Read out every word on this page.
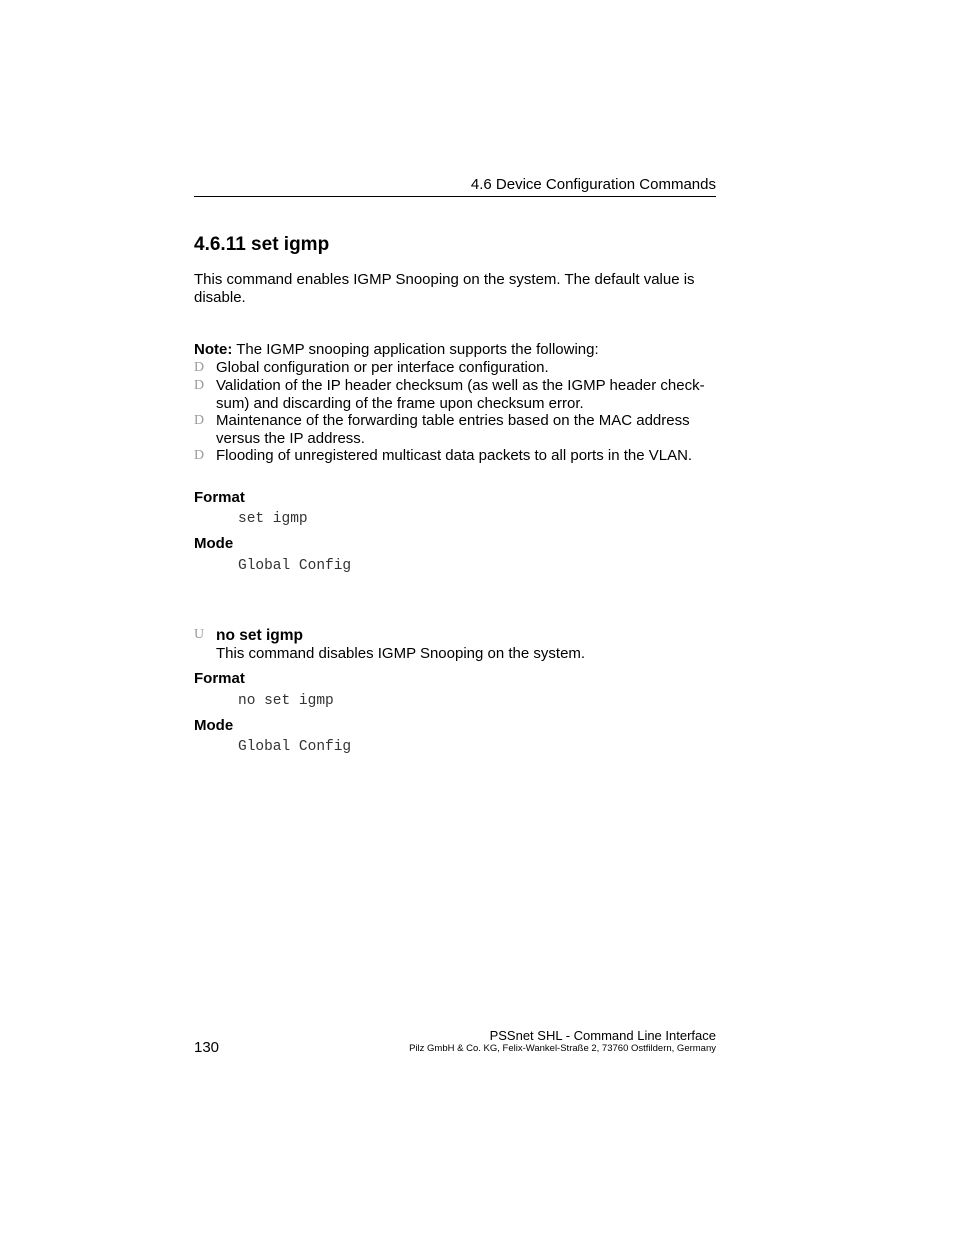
4.6 Device Configuration Commands
4.6.11 set igmp
This command enables IGMP Snooping on the system. The default value is disable.
Note: The IGMP snooping application supports the following:
D Global configuration or per interface configuration.
D Validation of the IP header checksum (as well as the IGMP header check-
sum) and discarding of the frame upon checksum error.
D Maintenance of the forwarding table entries based on the MAC address
versus the IP address.
D Flooding of unregistered multicast data packets to all ports in the VLAN.
Format
set igmp
Mode
Global Config
U no set igmp
This command disables IGMP Snooping on the system.
Format
no set igmp
Mode
Global Config
130
PSSnet SHL - Command Line Interface
Pilz GmbH & Co. KG, Felix-Wankel-Straße 2, 73760 Ostfildern, Germany
